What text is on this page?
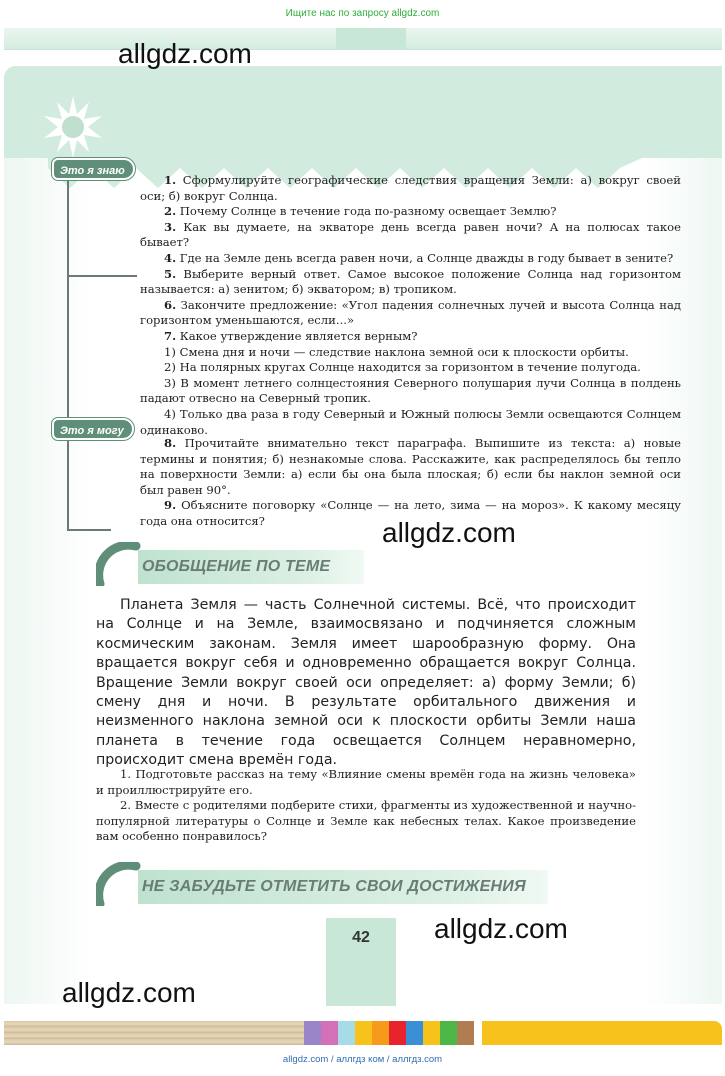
Ищите нас по запросу allgdz.com
Это я знаю
Это я могу

1. Сформулируйте географические следствия вращения Земли: а) вокруг своей оси; б) вокруг Солнца.

2. Почему Солнце в течение года по-разному освещает Землю?

3. Как вы думаете, на экваторе день всегда равен ночи? А на полюсах такое бывает?

4. Где на Земле день всегда равен ночи, а Солнце дважды в году бывает в зените?

5. Выберите верный ответ. Самое высокое положение Солнца над горизонтом называется: а) зенитом; б) экватором; в) тропиком.

6. Закончите предложение: «Угол падения солнечных лучей и высота Солнца над горизонтом уменьшаются, если...»

7. Какое утверждение является верным?

1) Смена дня и ночи — следствие наклона земной оси к плоскости орбиты.

2) На полярных кругах Солнце находится за горизонтом в течение полугода.

3) В момент летнего солнцестояния Северного полушария лучи Солнца в полдень падают отвесно на Северный тропик.

4) Только два раза в году Северный и Южный полюсы Земли освещаются Солнцем одинаково.

8. Прочитайте внимательно текст параграфа. Выпишите из текста: а) новые термины и понятия; б) незнакомые слова. Расскажите, как распределялось бы тепло на поверхности Земли: а) если бы она была плоская; б) если бы наклон земной оси был равен 90°.

9. Объясните поговорку «Солнце — на лето, зима — на мороз». К какому месяцу года она относится?

ОБОБЩЕНИЕ ПО ТЕМЕ

Планета Земля — часть Солнечной системы. Всё, что происходит на Солнце и на Земле, взаимосвязано и подчиняется сложным космическим законам. Земля имеет шарообразную форму. Она вращается вокруг себя и одновременно обращается вокруг Солнца. Вращение Земли вокруг своей оси определяет: а) форму Земли; б) смену дня и ночи. В результате орбитального движения и неизменного наклона земной оси к плоскости орбиты Земли наша планета в течение года освещается Солнцем неравномерно, происходит смена времён года.

1. Подготовьте рассказ на тему «Влияние смены времён года на жизнь человека» и проиллюстрируйте его.

2. Вместе с родителями подберите стихи, фрагменты из художественной и научно-популярной литературы о Солнце и Земле как небесных телах. Какое произведение вам особенно понравилось?

НЕ ЗАБУДЬТЕ ОТМЕТИТЬ СВОИ ДОСТИЖЕНИЯ
42
allgdz.com
allgdz.com
allgdz.com
allgdz.com
allgdz.com / аллгдз ком / аллгдз.com
